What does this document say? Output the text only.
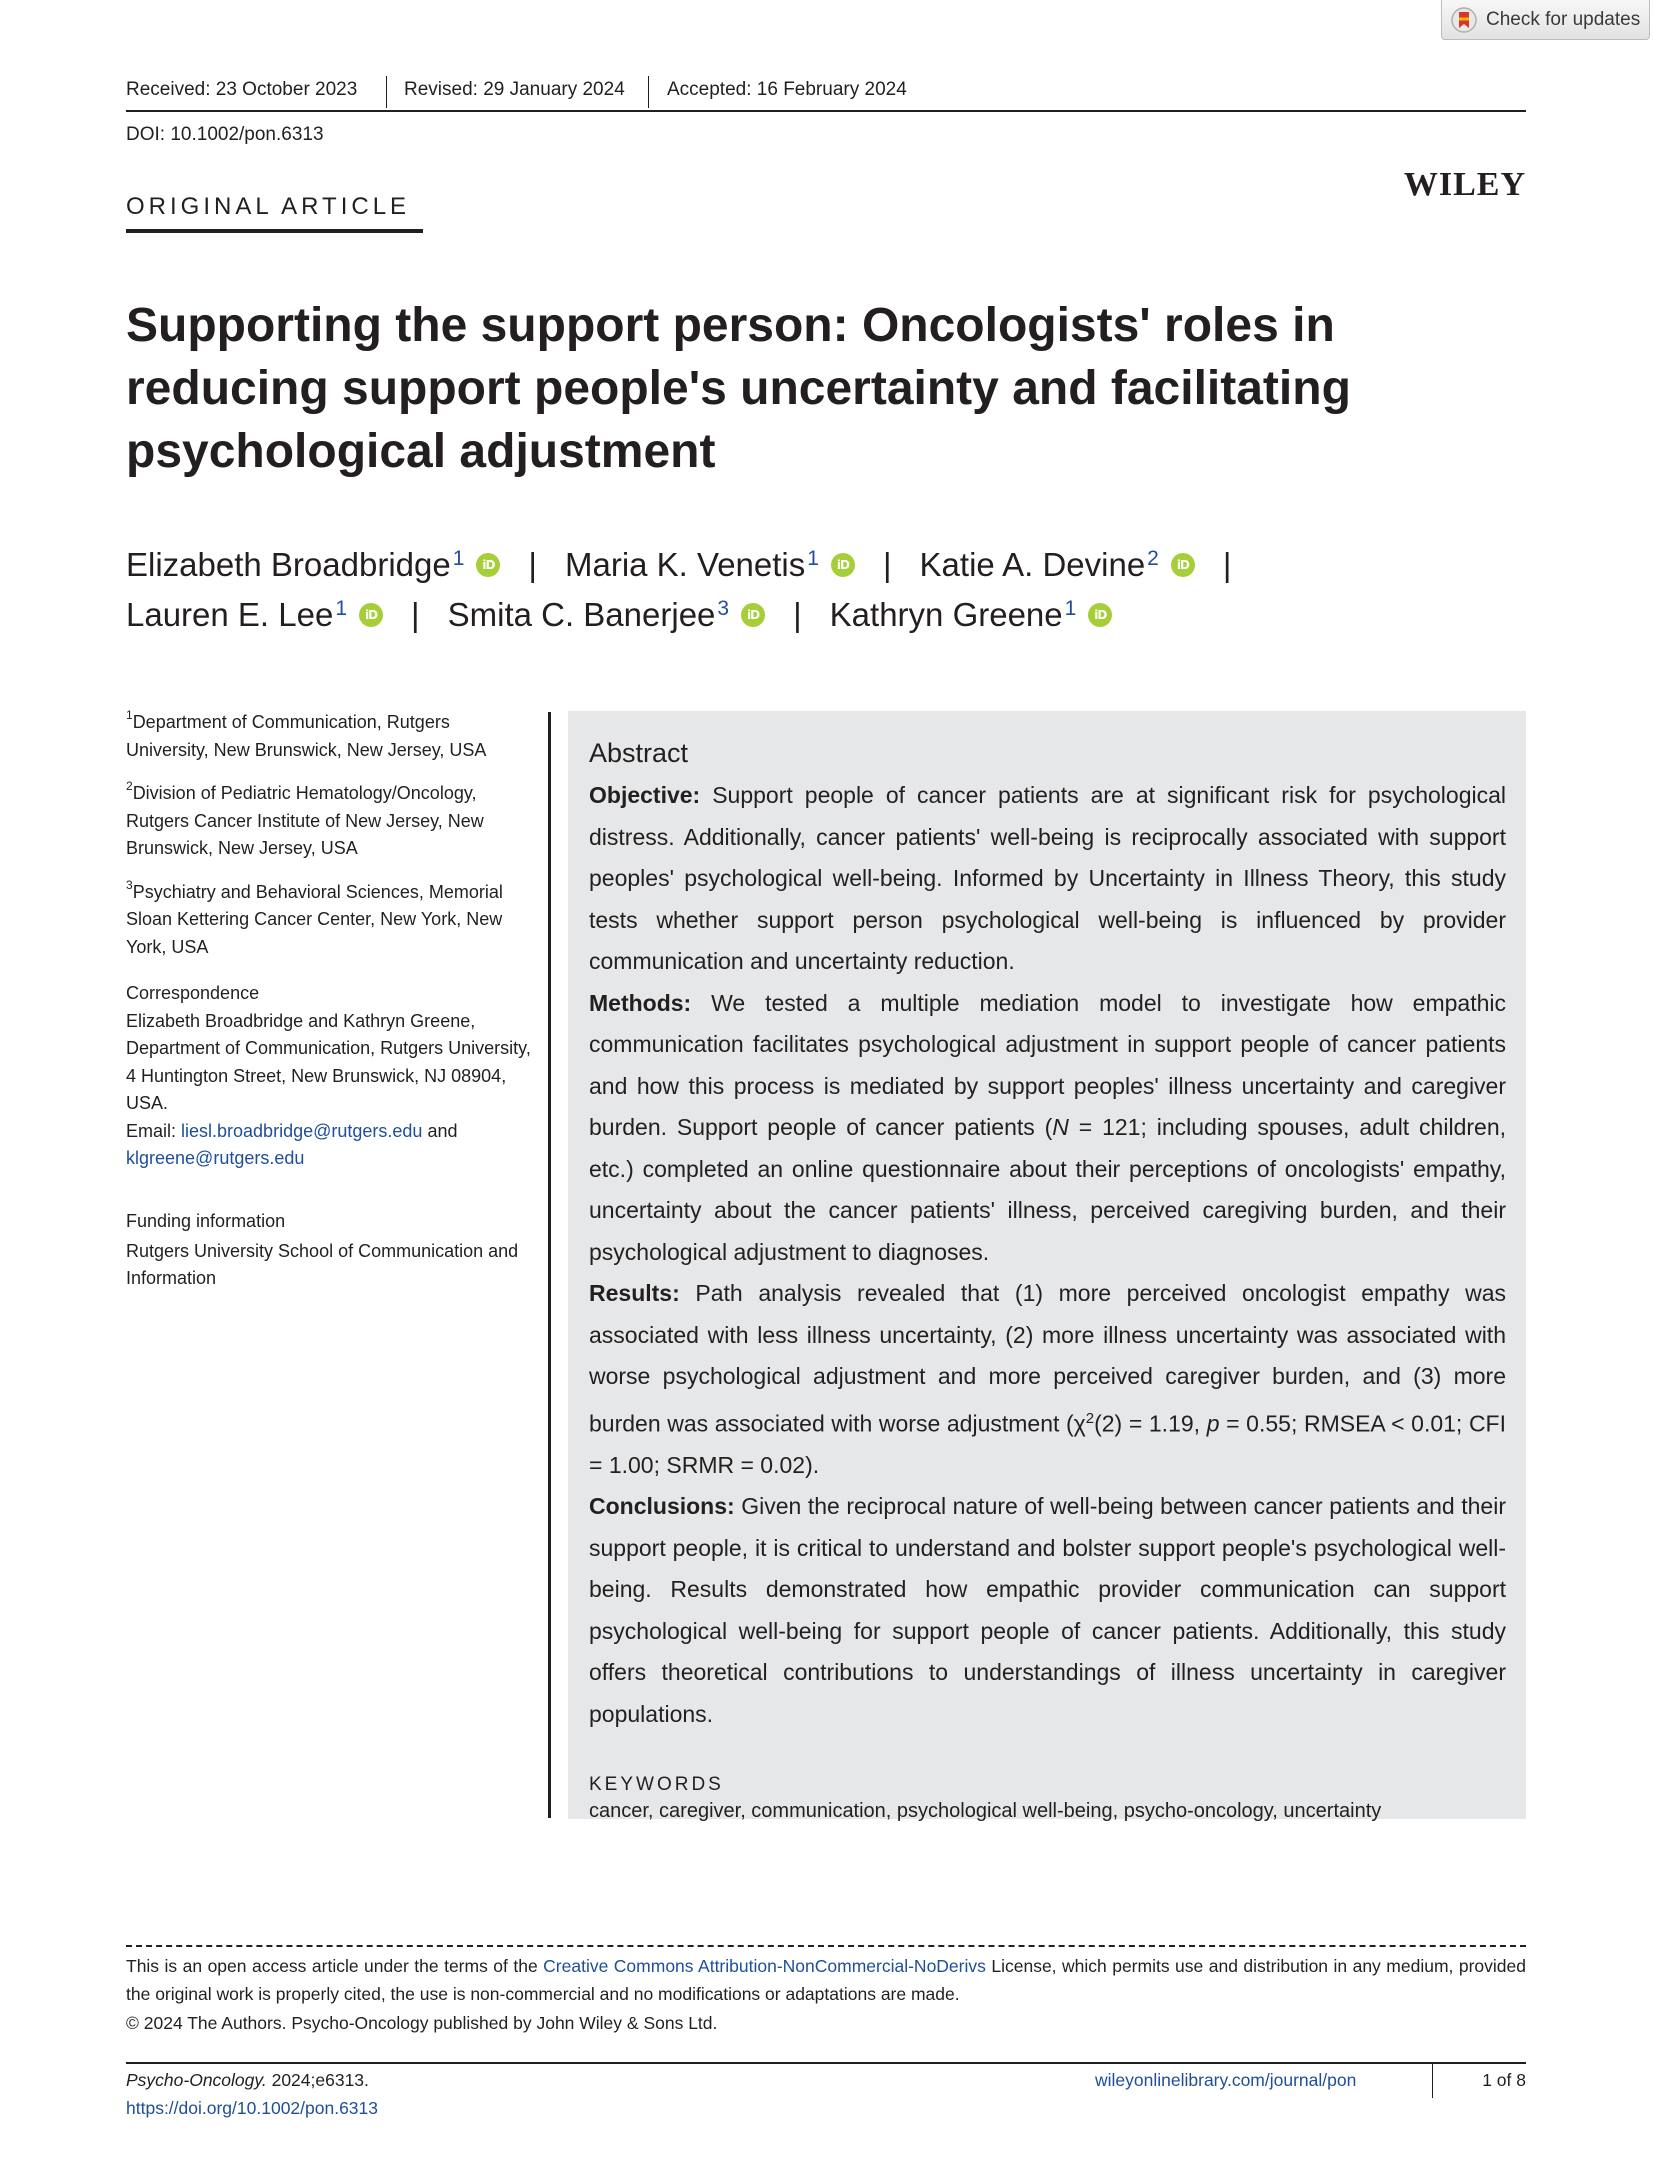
Check for updates
Received: 23 October 2023 Revised: 29 January 2024 Accepted: 16 February 2024
DOI: 10.1002/pon.6313
ORIGINAL ARTICLE
WILEY
Supporting the support person: Oncologists' roles in reducing support people's uncertainty and facilitating psychological adjustment
Elizabeth Broadbridge$^1$	iD | Maria K. Venetis$^1$	iD | Katie A. Devine$^2$	iD |
Lauren E. Lee$^1$	iD | Smita C. Banerjee$^3$	iD | Kathryn Greene$^1$	iD

$^1$Department of Communication, Rutgers University, New Brunswick, New Jersey, USA

$^2$Division of Pediatric Hematology/Oncology, Rutgers Cancer Institute of New Jersey, New Brunswick, New Jersey, USA

$^3$Psychiatry and Behavioral Sciences, Memorial Sloan Kettering Cancer Center, New York, New York, USA

Correspondence

Elizabeth Broadbridge and Kathryn Greene, Department of Communication, Rutgers University, 4 Huntington Street, New Brunswick, NJ 08904, USA.

Email: liesl.broadbridge@rutgers.edu and
klgreene@rutgers.edu

Funding information

Rutgers University School of Communication and Information

Abstract

Objective: Support people of cancer patients are at significant risk for psychological distress. Additionally, cancer patients' well-being is reciprocally associated with support peoples' psychological well-being. Informed by Uncertainty in Illness Theory, this study tests whether support person psychological well-being is influenced by provider communication and uncertainty reduction.

Methods: We tested a multiple mediation model to investigate how empathic communication facilitates psychological adjustment in support people of cancer patients and how this process is mediated by support peoples' illness uncertainty and caregiver burden. Support people of cancer patients (N = 121; including spouses, adult children, etc.) completed an online questionnaire about their perceptions of oncologists' empathy, uncertainty about the cancer patients' illness, perceived caregiving burden, and their psychological adjustment to diagnoses.

Results: Path analysis revealed that (1) more perceived oncologist empathy was associated with less illness uncertainty, (2) more illness uncertainty was associated with worse psychological adjustment and more perceived caregiver burden, and (3) more burden was associated with worse adjustment ($\chi^2(2) = 1.19$, p = 0.55; RMSEA < 0.01; CFI = 1.00; SRMR = 0.02).

Conclusions: Given the reciprocal nature of well-being between cancer patients and their support people, it is critical to understand and bolster support people's psychological well-being. Results demonstrated how empathic provider communication can support psychological well-being for support people of cancer patients. Additionally, this study offers theoretical contributions to understandings of illness uncertainty in caregiver populations.

KEYWORDS
cancer, caregiver, communication, psychological well-being, psycho-oncology, uncertainty

This is an open access article under the terms of the Creative Commons Attribution-NonCommercial-NoDerivs License, which permits use and distribution in any medium, provided the original work is properly cited, the use is non-commercial and no modifications or adaptations are made.

© 2024 The Authors. Psycho-Oncology published by John Wiley & Sons Ltd.
Psycho-Oncology. 2024;e6313.
https://doi.org/10.1002/pon.6313
wileyonlinelibrary.com/journal/pon	1 of 8
